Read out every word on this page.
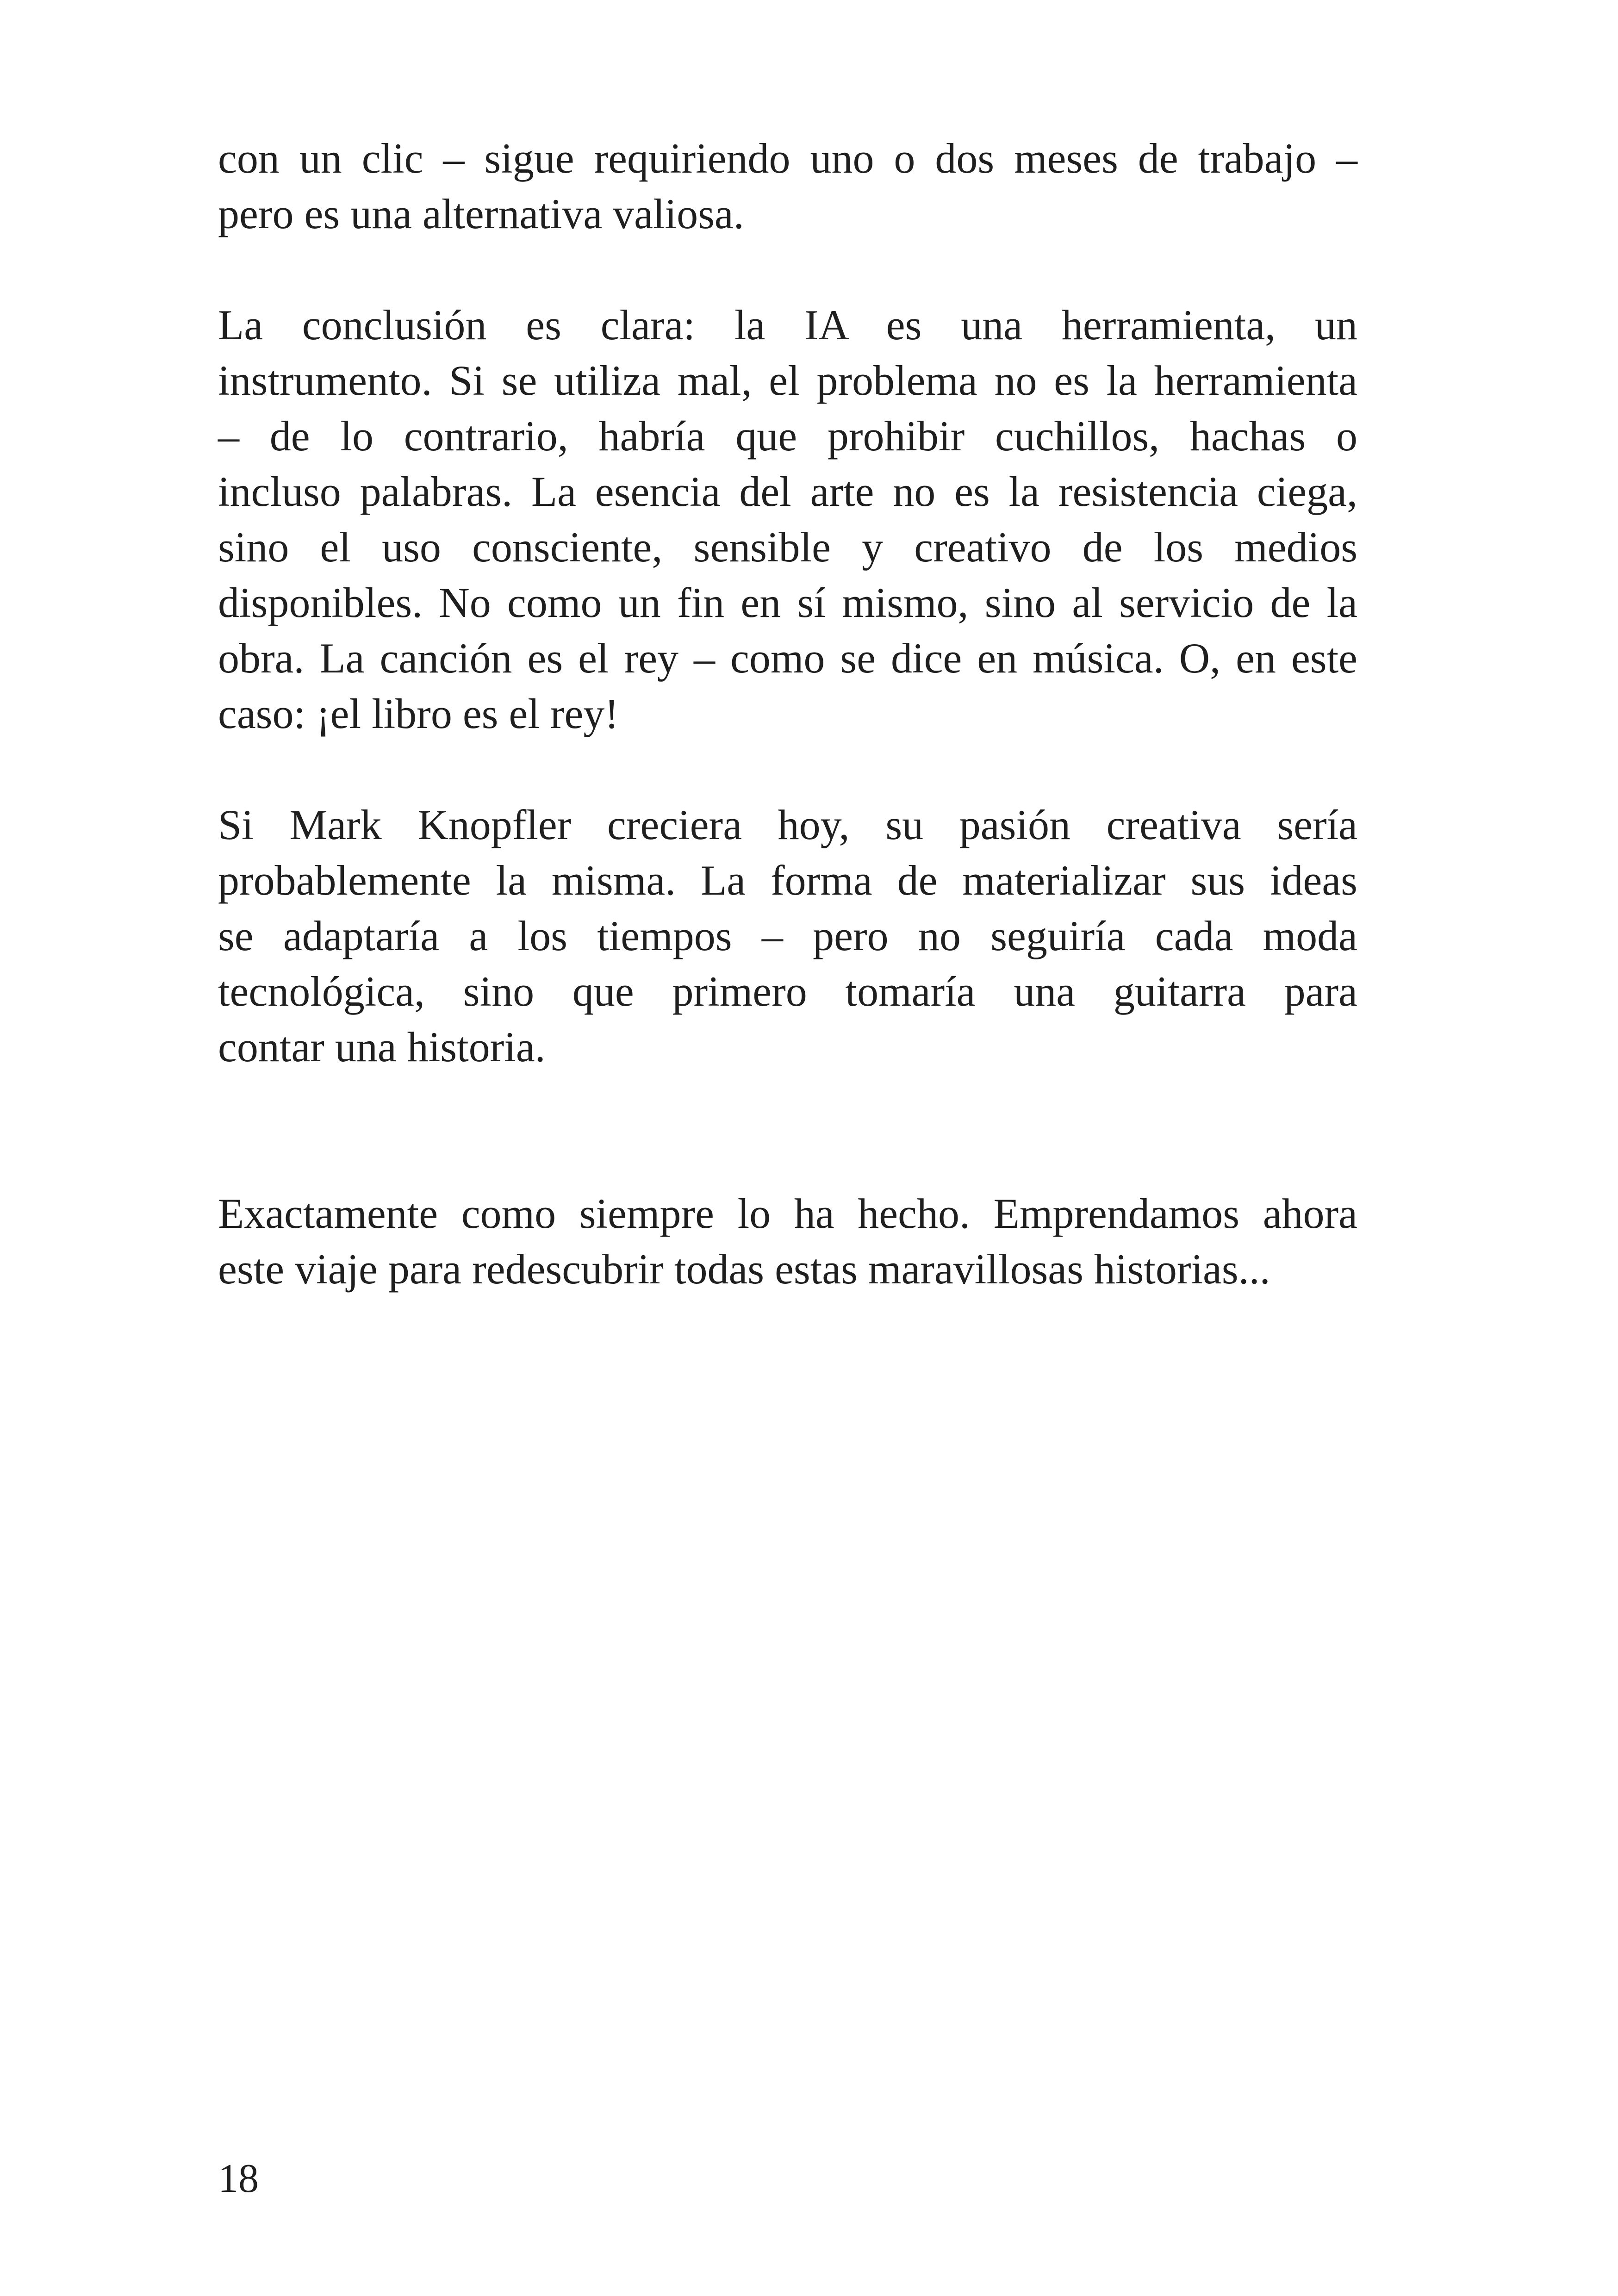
con un clic – sigue requiriendo uno o dos meses de trabajo –
pero es una alternativa valiosa.
La conclusión es clara: la IA es una herramienta, un
instrumento. Si se utiliza mal, el problema no es la herramienta
– de lo contrario, habría que prohibir cuchillos, hachas o
incluso palabras. La esencia del arte no es la resistencia ciega,
sino el uso consciente, sensible y creativo de los medios
disponibles. No como un fin en sí mismo, sino al servicio de la
obra. La canción es el rey – como se dice en música. O, en este
caso: ¡el libro es el rey!
Si Mark Knopfler creciera hoy, su pasión creativa sería
probablemente la misma. La forma de materializar sus ideas
se adaptaría a los tiempos – pero no seguiría cada moda
tecnológica, sino que primero tomaría una guitarra para
contar una historia.
Exactamente como siempre lo ha hecho. Emprendamos ahora
este viaje para redescubrir todas estas maravillosas historias...
18
